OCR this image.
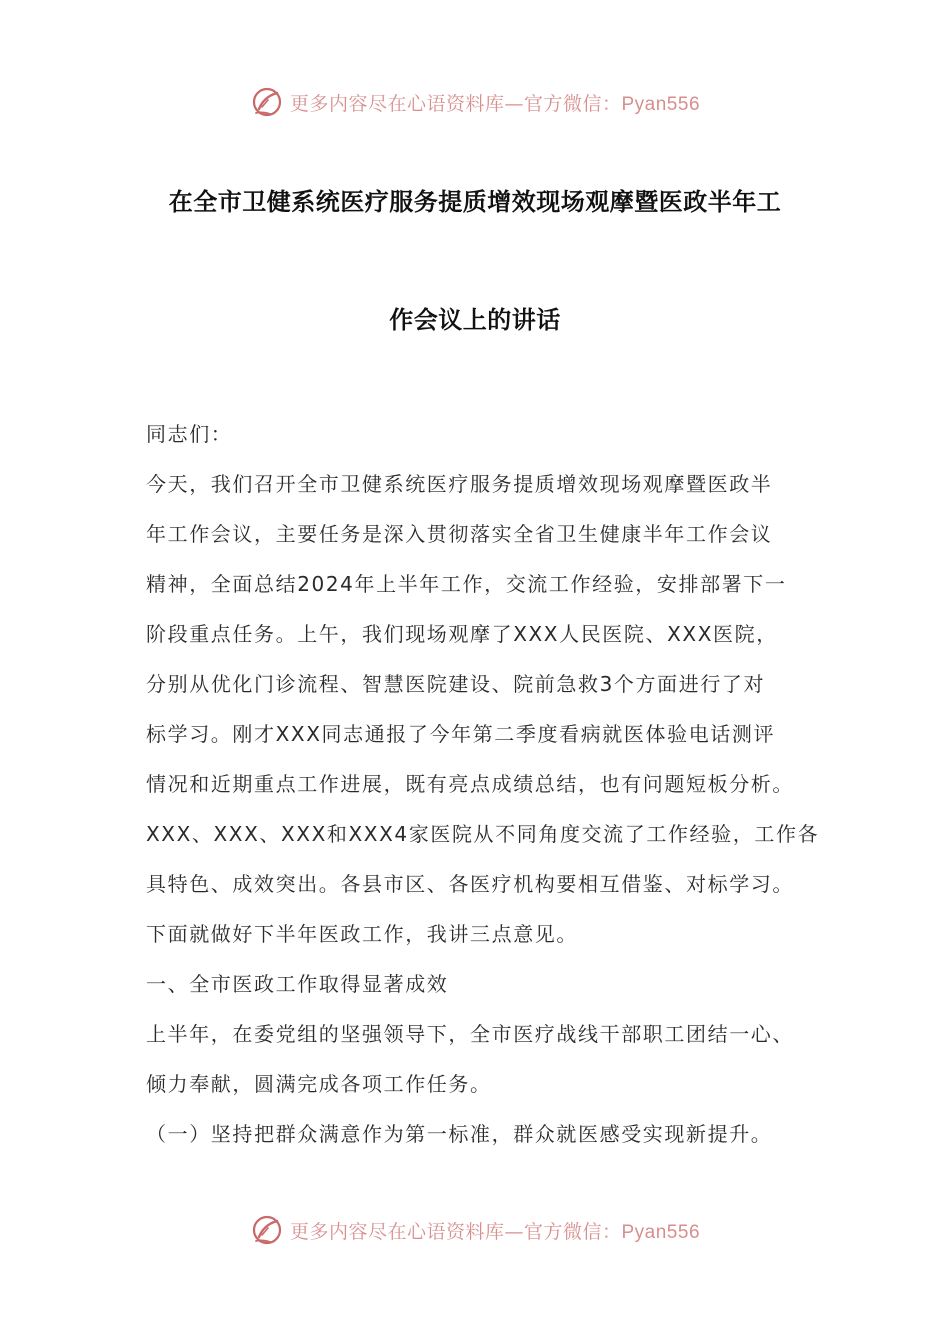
更多内容尽在心语资料库—官方微信：Pyan556
在全市卫健系统医疗服务提质增效现场观摩暨医政半年工
作会议上的讲话
同志们：
今天，我们召开全市卫健系统医疗服务提质增效现场观摩暨医政半
年工作会议，主要任务是深入贯彻落实全省卫生健康半年工作会议
精神，全面总结2024年上半年工作，交流工作经验，安排部署下一
阶段重点任务。上午，我们现场观摩了XXX人民医院、XXX医院，
分别从优化门诊流程、智慧医院建设、院前急救3个方面进行了对
标学习。刚才XXX同志通报了今年第二季度看病就医体验电话测评
情况和近期重点工作进展，既有亮点成绩总结，也有问题短板分析。
XXX、XXX、XXX和XXX4家医院从不同角度交流了工作经验，工作各
具特色、成效突出。各县市区、各医疗机构要相互借鉴、对标学习。
下面就做好下半年医政工作，我讲三点意见。
一、全市医政工作取得显著成效
上半年，在委党组的坚强领导下，全市医疗战线干部职工团结一心、
倾力奉献，圆满完成各项工作任务。
（一）坚持把群众满意作为第一标准，群众就医感受实现新提升。
更多内容尽在心语资料库—官方微信：Pyan556
